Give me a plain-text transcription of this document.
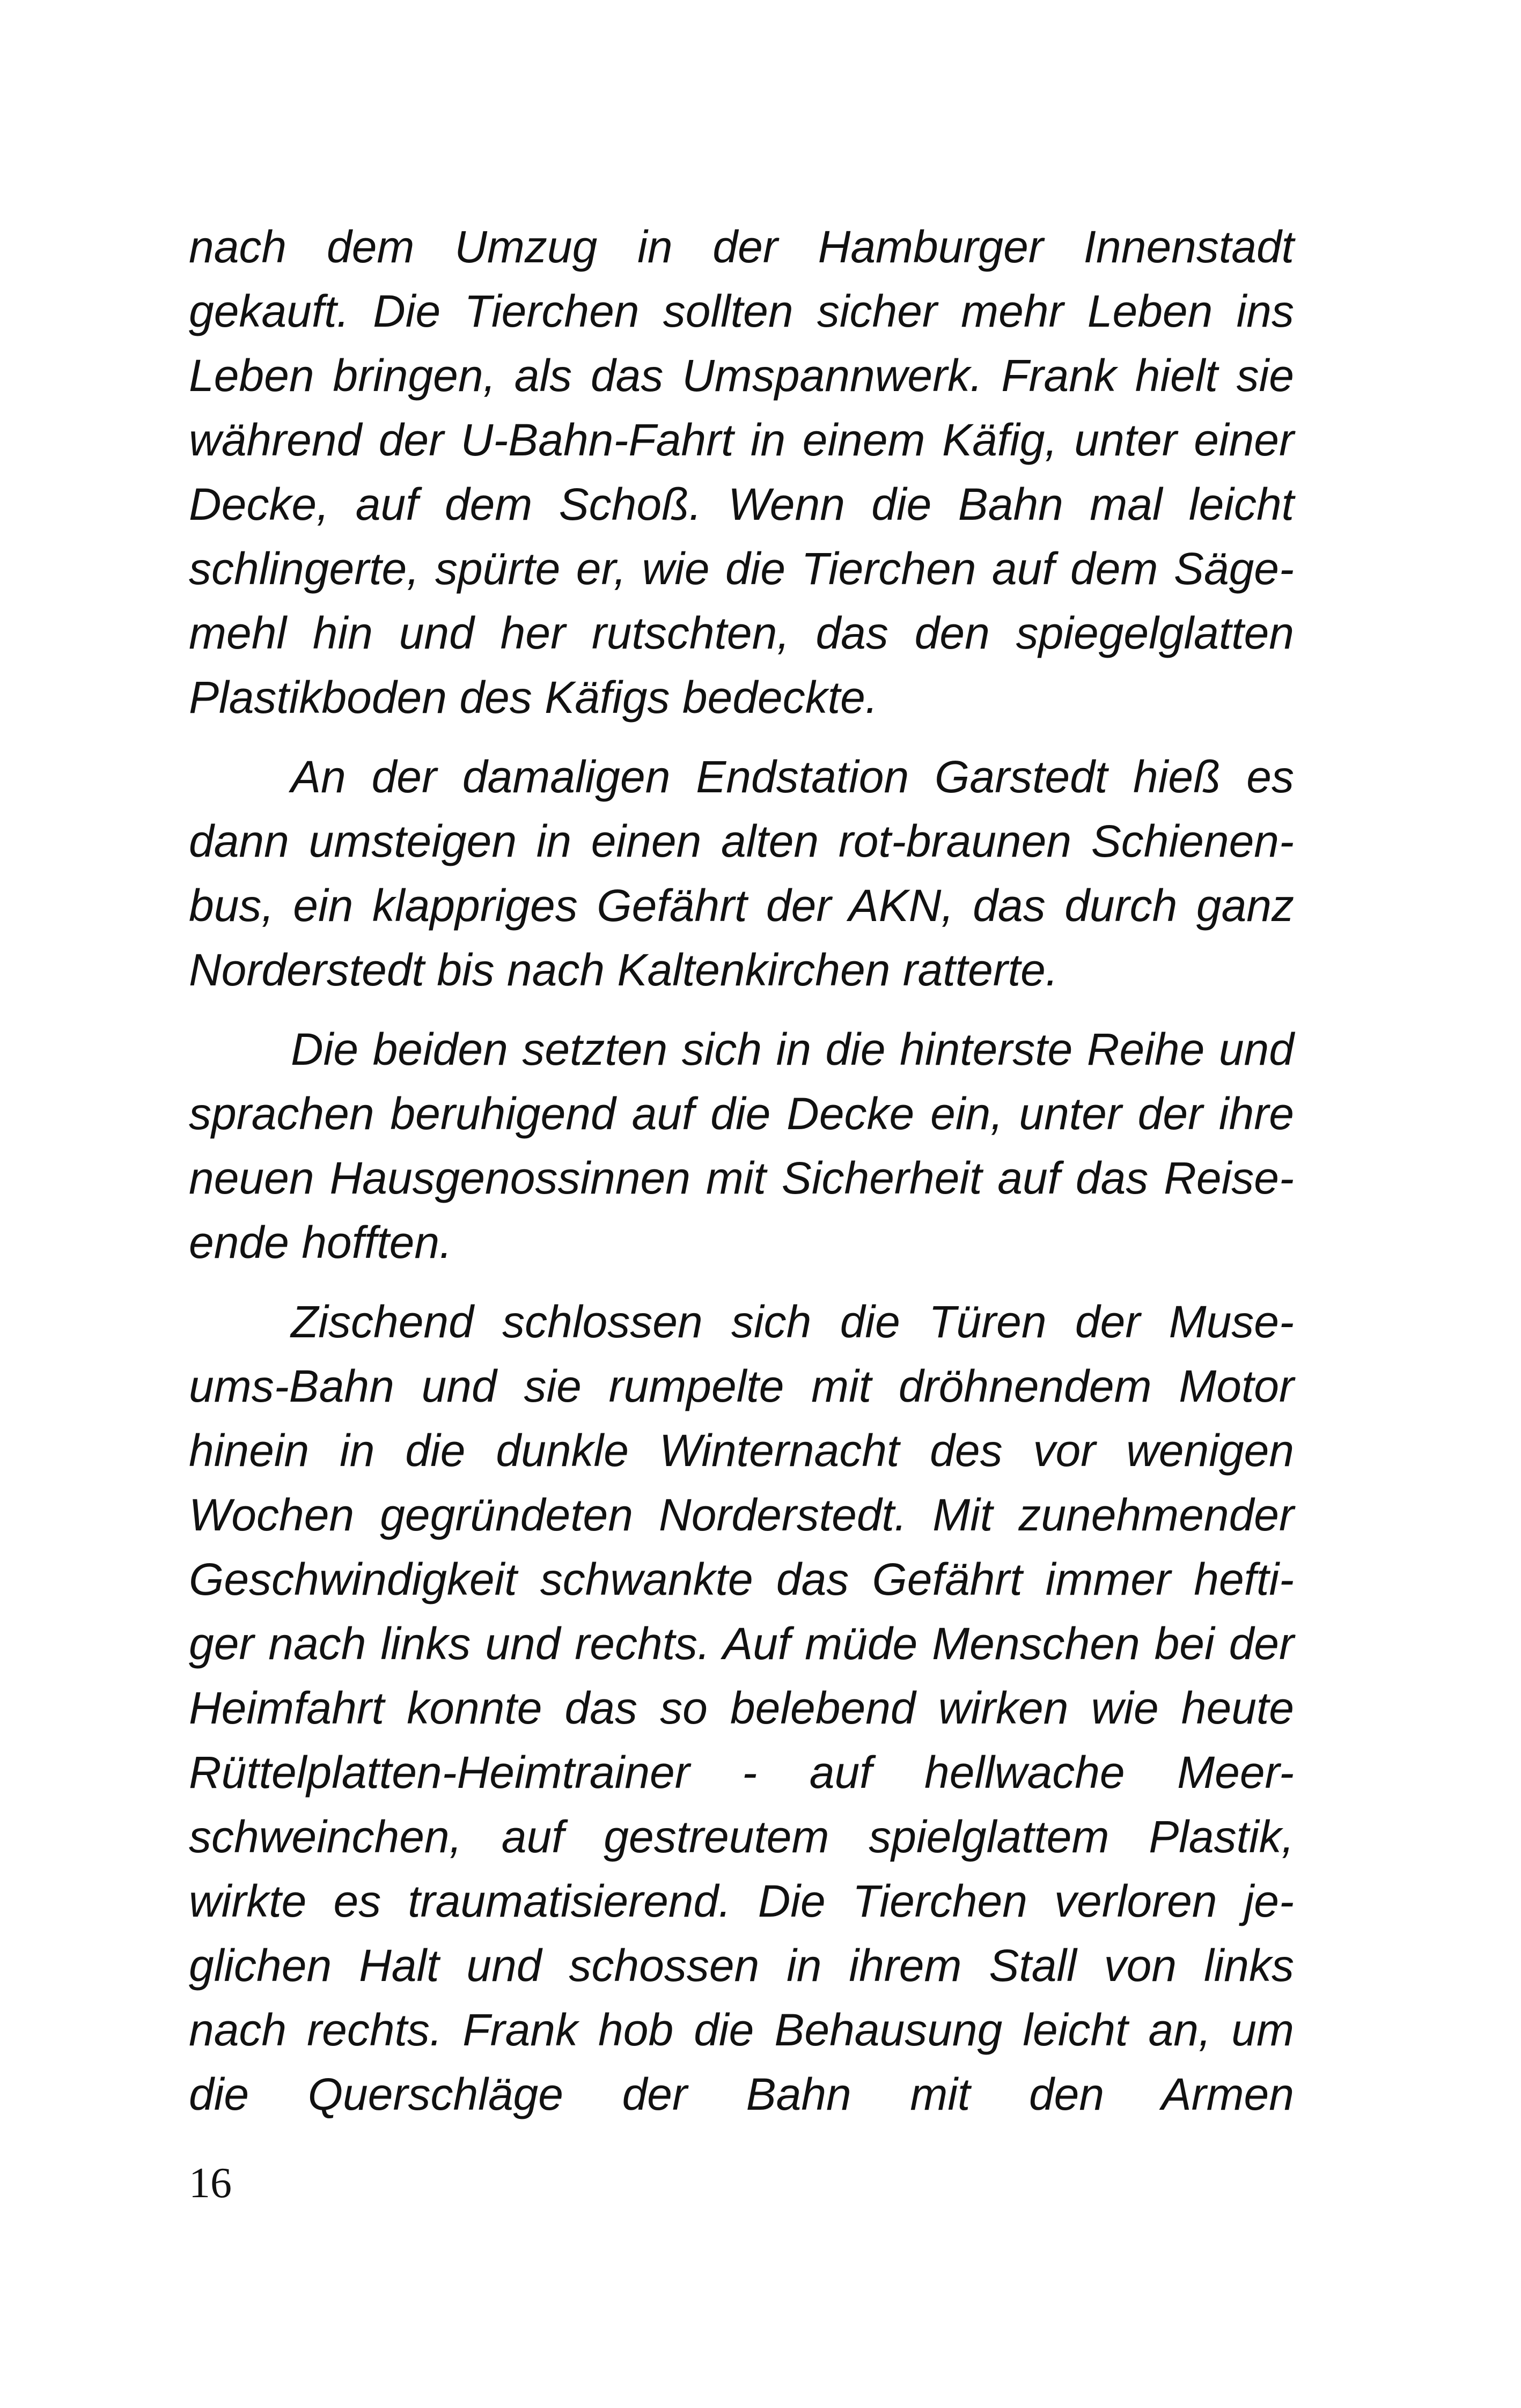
nach dem Umzug in der Hamburger Innenstadt
gekauft. Die Tierchen sollten sicher mehr Leben ins
Leben bringen, als das Umspannwerk. Frank hielt sie
während der U-Bahn-Fahrt in einem Käfig, unter einer
Decke, auf dem Schoß. Wenn die Bahn mal leicht
schlingerte, spürte er, wie die Tierchen auf dem Säge-
mehl hin und her rutschten, das den spiegelglatten
Plastikboden des Käfigs bedeckte.
An der damaligen Endstation Garstedt hieß es
dann umsteigen in einen alten rot-braunen Schienen-
bus, ein klappriges Gefährt der AKN, das durch ganz
Norderstedt bis nach Kaltenkirchen ratterte.
Die beiden setzten sich in die hinterste Reihe und
sprachen beruhigend auf die Decke ein, unter der ihre
neuen Hausgenossinnen mit Sicherheit auf das Reise-
ende hofften.
Zischend schlossen sich die Türen der Muse-
ums-Bahn und sie rumpelte mit dröhnendem Motor
hinein in die dunkle Winternacht des vor wenigen
Wochen gegründeten Norderstedt. Mit zunehmender
Geschwindigkeit schwankte das Gefährt immer hefti-
ger nach links und rechts. Auf müde Menschen bei der
Heimfahrt konnte das so belebend wirken wie heute
Rüttelplatten-Heimtrainer - auf hellwache Meer-
schweinchen, auf gestreutem spielglattem Plastik,
wirkte es traumatisierend. Die Tierchen verloren je-
glichen Halt und schossen in ihrem Stall von links
nach rechts. Frank hob die Behausung leicht an, um
die Querschläge der Bahn mit den Armen
16
